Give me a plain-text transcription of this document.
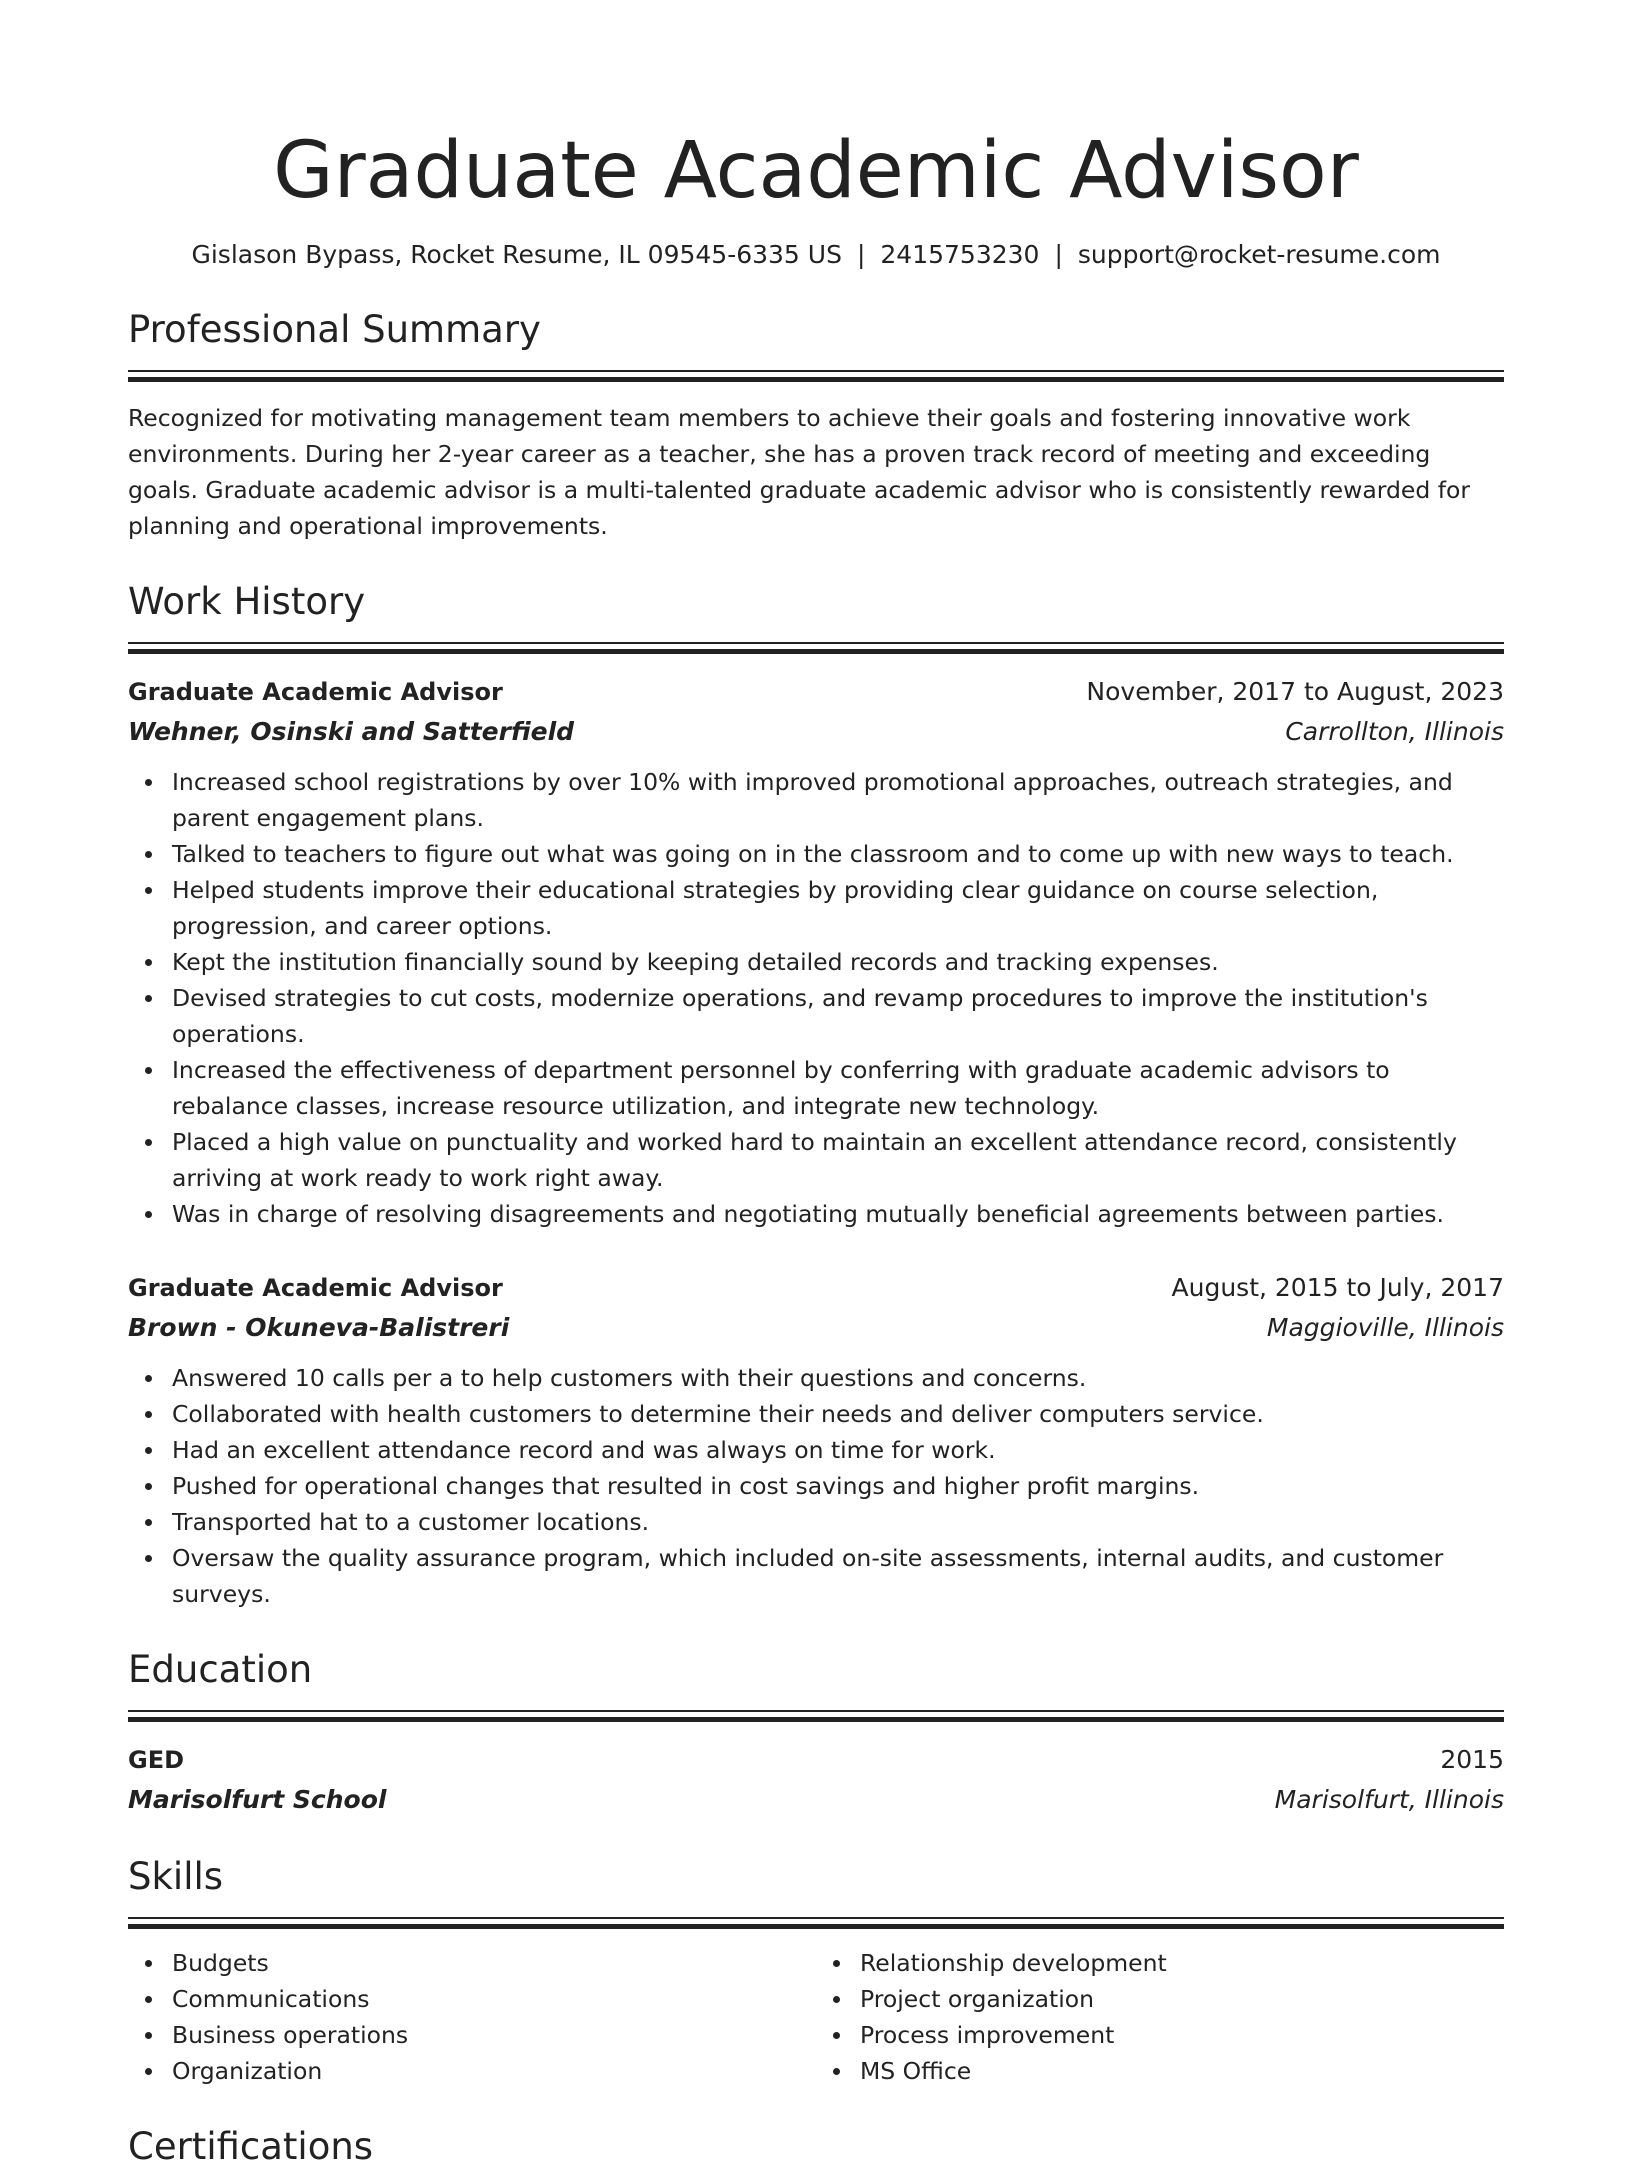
Graduate Academic Advisor
Gislason Bypass, Rocket Resume, IL 09545-6335 US | 2415753230 | support@rocket-resume.com
Professional Summary
Recognized for motivating management team members to achieve their goals and fostering innovative work environments. During her 2-year career as a teacher, she has a proven track record of meeting and exceeding goals. Graduate academic advisor is a multi-talented graduate academic advisor who is consistently rewarded for planning and operational improvements.
Work History
Graduate Academic Advisor	November, 2017 to August, 2023
Wehner, Osinski and Satterfield	Carrollton, Illinois
Increased school registrations by over 10% with improved promotional approaches, outreach strategies, and parent engagement plans.
Talked to teachers to figure out what was going on in the classroom and to come up with new ways to teach.
Helped students improve their educational strategies by providing clear guidance on course selection, progression, and career options.
Kept the institution financially sound by keeping detailed records and tracking expenses.
Devised strategies to cut costs, modernize operations, and revamp procedures to improve the institution's operations.
Increased the effectiveness of department personnel by conferring with graduate academic advisors to rebalance classes, increase resource utilization, and integrate new technology.
Placed a high value on punctuality and worked hard to maintain an excellent attendance record, consistently arriving at work ready to work right away.
Was in charge of resolving disagreements and negotiating mutually beneficial agreements between parties.
Graduate Academic Advisor	August, 2015 to July, 2017
Brown - Okuneva-Balistreri	Maggioville, Illinois
Answered 10 calls per a to help customers with their questions and concerns.
Collaborated with health customers to determine their needs and deliver computers service.
Had an excellent attendance record and was always on time for work.
Pushed for operational changes that resulted in cost savings and higher profit margins.
Transported hat to a customer locations.
Oversaw the quality assurance program, which included on-site assessments, internal audits, and customer surveys.
Education
GED	2015
Marisolfurt School	Marisolfurt, Illinois
Skills
Budgets
Communications
Business operations
Organization
Relationship development
Project organization
Process improvement
MS Office
Certifications
